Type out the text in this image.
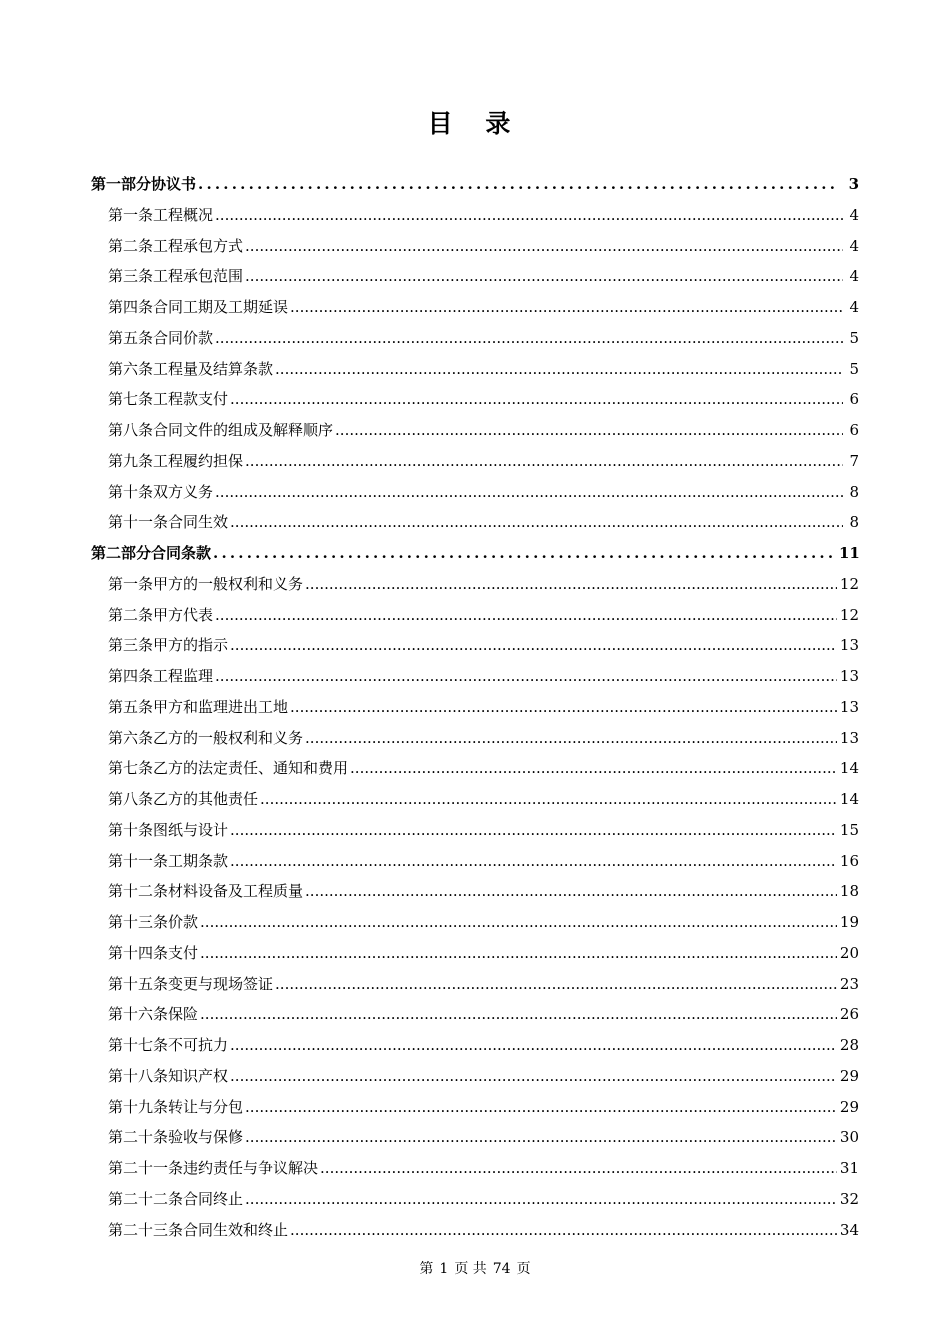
目 录
第一部分 协议书 .....	3
第一条 工程概况 .....	4
第二条 工程承包方式 .....	4
第三条 工程承包范围 .....	4
第四条 合同工期及工期延误 .....	4
第五条 合同价款 .....	5
第六条 工程量及结算条款 .....	5
第七条 工程款支付 .....	6
第八条 合同文件的组成及解释顺序 .....	6
第九条 工程履约担保 .....	7
第十条 双方义务 .....	8
第十一条 合同生效 .....	8
第二部分 合同条款 .....	11
第一条 甲方的一般权利和义务 .....	12
第二条 甲方代表 .....	12
第三条 甲方的指示 .....	13
第四条 工程监理 .....	13
第五条 甲方和监理进出工地 .....	13
第六条 乙方的一般权利和义务 .....	13
第七条 乙方的法定责任、通知和费用 .....	14
第八条 乙方的其他责任 .....	14
第十条 图纸与设计 .....	15
第十一条 工期条款 .....	16
第十二条 材料设备及工程质量 .....	18
第十三条 价款 .....	19
第十四条 支付 .....	20
第十五条 变更与现场签证 .....	23
第十六条 保险 .....	26
第十七条 不可抗力 .....	28
第十八条 知识产权 .....	29
第十九条 转让与分包 .....	29
第二十条 验收与保修 .....	30
第二十一条 违约责任与争议解决 .....	31
第二十二条 合同终止 .....	32
第二十三条 合同生效和终止 .....	34
第 1 页 共 74 页
